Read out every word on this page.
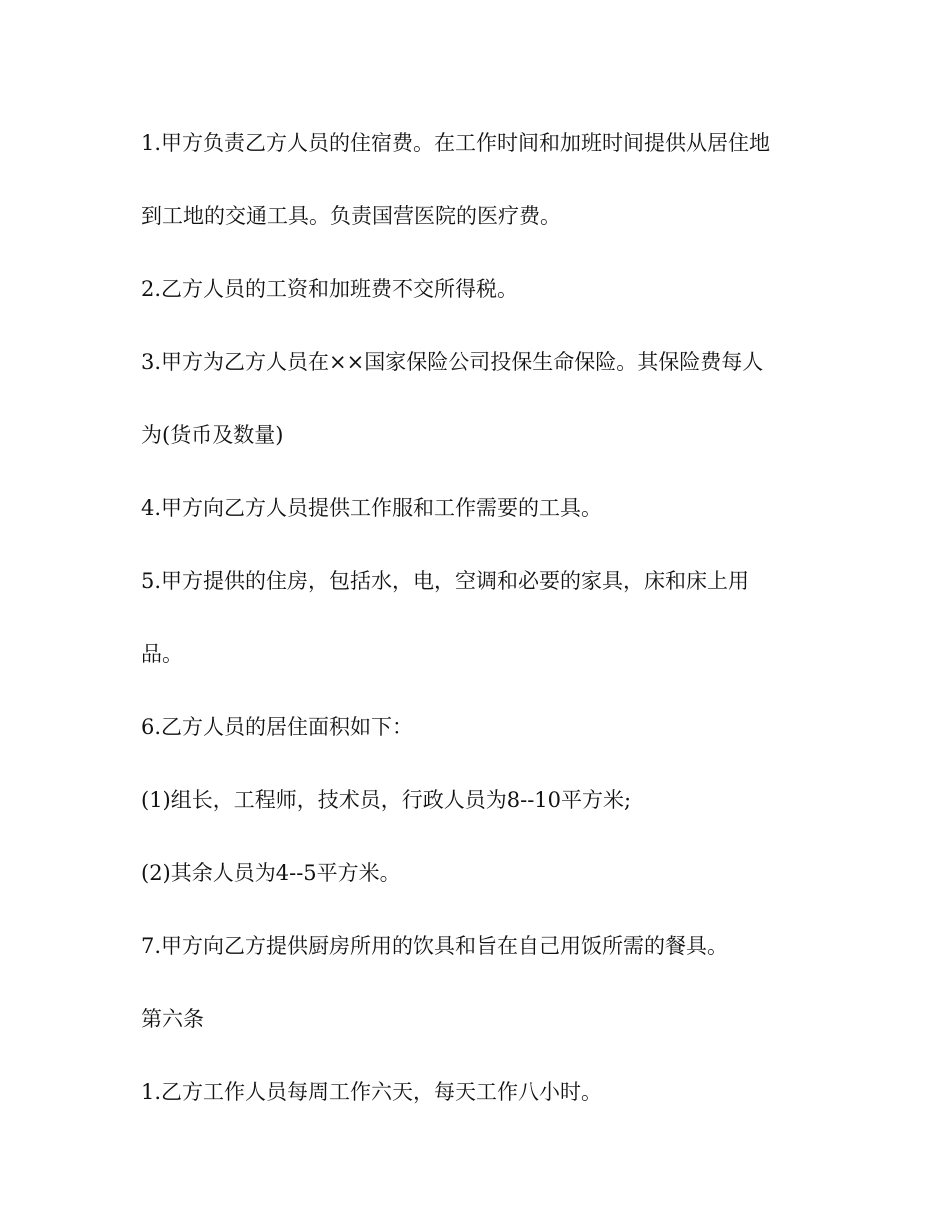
1.甲方负责乙方人员的住宿费。在工作时间和加班时间提供从居住地

到工地的交通工具。负责国营医院的医疗费。

2.乙方人员的工资和加班费不交所得税。

3.甲方为乙方人员在××国家保险公司投保生命保险。其保险费每人

为(货币及数量)

4.甲方向乙方人员提供工作服和工作需要的工具。

5.甲方提供的住房，包括水，电，空调和必要的家具，床和床上用

品。

6.乙方人员的居住面积如下：

(1)组长，工程师，技术员，行政人员为8--10平方米;

(2)其余人员为4--5平方米。

7.甲方向乙方提供厨房所用的饮具和旨在自己用饭所需的餐具。

第六条

1.乙方工作人员每周工作六天，每天工作八小时。
